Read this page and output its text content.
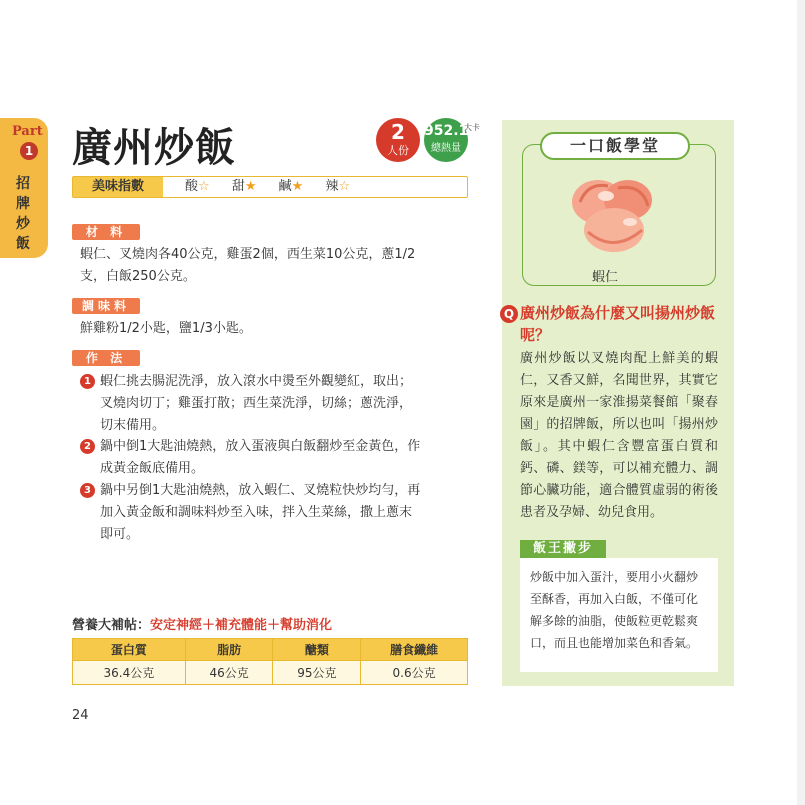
Part
1
招牌炒飯
廣州炒飯	2
人份
952.1
總熱量
大卡
美味指數	酸☆ 甜★ 鹹★ 辣☆
材 料
蝦仁、叉燒肉各40公克，雞蛋2個，西生菜10公克，蔥1/2
支，白飯250公克。
調味料
鮮雞粉1/2小匙，鹽1/3小匙。
作 法
1 蝦仁挑去腸泥洗淨，放入滾水中燙至外觀變紅，取出；
叉燒肉切丁；雞蛋打散；西生菜洗淨，切絲；蔥洗淨，
切末備用。
2 鍋中倒1大匙油燒熱，放入蛋液與白飯翻炒至金黃色，作
成黃金飯底備用。
3 鍋中另倒1大匙油燒熱，放入蝦仁、叉燒粒快炒均勻，再
加入黃金飯和調味料炒至入味，拌入生菜絲，撒上蔥末
即可。
營養大補帖：安定神經＋補充體能＋幫助消化
蛋白質	脂肪	醣類	膳食纖維
36.4公克	46公克	95公克	0.6公克
24
一口飯學堂
蝦仁
Q 廣州炒飯為什麼又叫揚州炒飯呢？
廣州炒飯以叉燒肉配上鮮美的蝦仁，又香又鮮，名聞世界，其實它原來是廣州一家淮揚菜餐館「聚春園」的招牌飯，所以也叫「揚州炒飯」。其中蝦仁含豐富蛋白質和鈣、磷、鎂等，可以補充體力、調節心臟功能，適合體質虛弱的術後患者及孕婦、幼兒食用。
飯王撇步
炒飯中加入蛋汁，要用小火翻炒至酥香，再加入白飯，不僅可化解多餘的油脂，使飯粒更乾鬆爽口，而且也能增加菜色和香氣。
